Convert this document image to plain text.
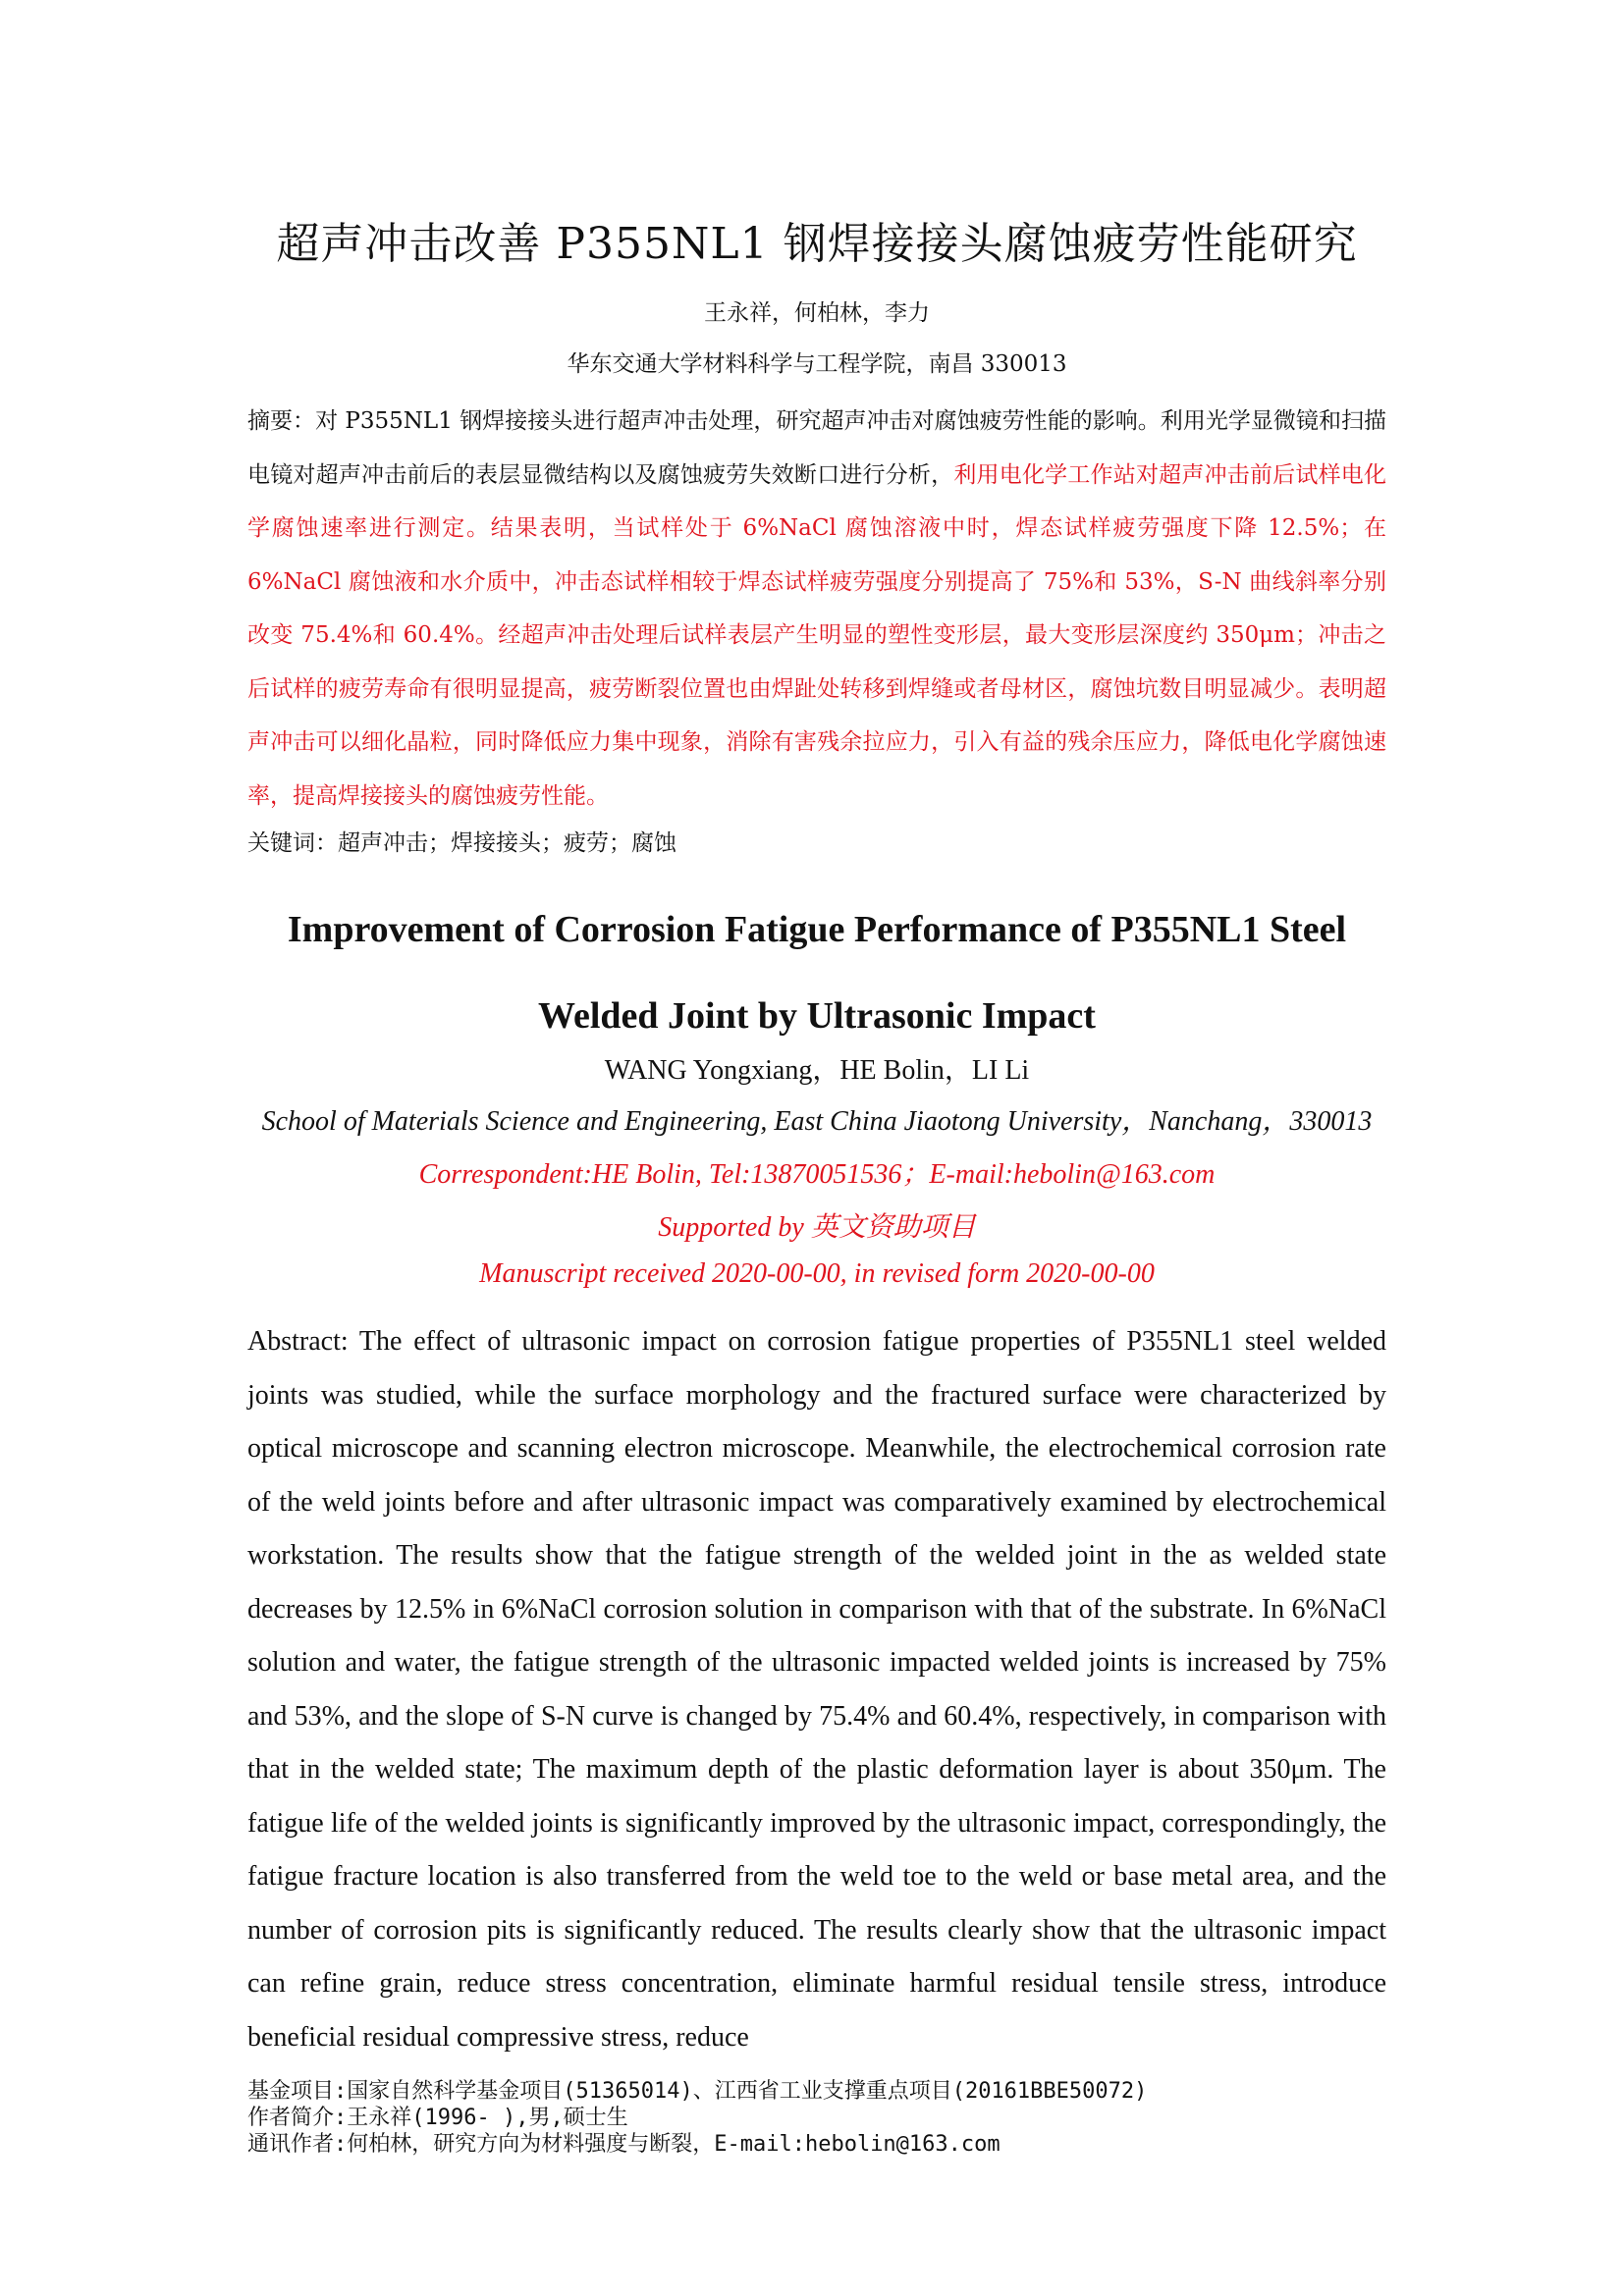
超声冲击改善 P355NL1 钢焊接接头腐蚀疲劳性能研究
王永祥，何柏林，李力
华东交通大学材料科学与工程学院，南昌 330013
摘要：对 P355NL1 钢焊接接头进行超声冲击处理，研究超声冲击对腐蚀疲劳性能的影响。利用光学显微镜和扫描电镜对超声冲击前后的表层显微结构以及腐蚀疲劳失效断口进行分析，利用电化学工作站对超声冲击前后试样电化学腐蚀速率进行测定。结果表明，当试样处于 6%NaCl 腐蚀溶液中时，焊态试样疲劳强度下降 12.5%；在 6%NaCl 腐蚀液和水介质中，冲击态试样相较于焊态试样疲劳强度分别提高了 75%和 53%，S-N 曲线斜率分别改变 75.4%和 60.4%。经超声冲击处理后试样表层产生明显的塑性变形层，最大变形层深度约 350μm；冲击之后试样的疲劳寿命有很明显提高，疲劳断裂位置也由焊趾处转移到焊缝或者母材区，腐蚀坑数目明显减少。表明超声冲击可以细化晶粒，同时降低应力集中现象，消除有害残余拉应力，引入有益的残余压应力，降低电化学腐蚀速率，提高焊接接头的腐蚀疲劳性能。
关键词：超声冲击；焊接接头；疲劳；腐蚀
Improvement of Corrosion Fatigue Performance of P355NL1 Steel Welded Joint by Ultrasonic Impact
WANG Yongxiang，HE Bolin，LI Li
School of Materials Science and Engineering, East China Jiaotong University，Nanchang，330013
Correspondent:HE Bolin, Tel:13870051536；E-mail:hebolin@163.com
Supported by 英文资助项目
Manuscript received 2020-00-00, in revised form 2020-00-00
Abstract: The effect of ultrasonic impact on corrosion fatigue properties of P355NL1 steel welded joints was studied, while the surface morphology and the fractured surface were characterized by optical microscope and scanning electron microscope. Meanwhile, the electrochemical corrosion rate of the weld joints before and after ultrasonic impact was comparatively examined by electrochemical workstation. The results show that the fatigue strength of the welded joint in the as welded state decreases by 12.5% in 6%NaCl corrosion solution in comparison with that of the substrate. In 6%NaCl solution and water, the fatigue strength of the ultrasonic impacted welded joints is increased by 75% and 53%, and the slope of S-N curve is changed by 75.4% and 60.4%, respectively, in comparison with that in the welded state; The maximum depth of the plastic deformation layer is about 350μm. The fatigue life of the welded joints is significantly improved by the ultrasonic impact, correspondingly, the fatigue fracture location is also transferred from the weld toe to the weld or base metal area, and the number of corrosion pits is significantly reduced. The results clearly show that the ultrasonic impact can refine grain, reduce stress concentration, eliminate harmful residual tensile stress, introduce beneficial residual compressive stress, reduce
基金项目:国家自然科学基金项目(51365014)、江西省工业支撑重点项目(20161BBE50072)
作者简介:王永祥(1996- ),男,硕士生
通讯作者:何柏林，研究方向为材料强度与断裂，E-mail:hebolin@163.com
